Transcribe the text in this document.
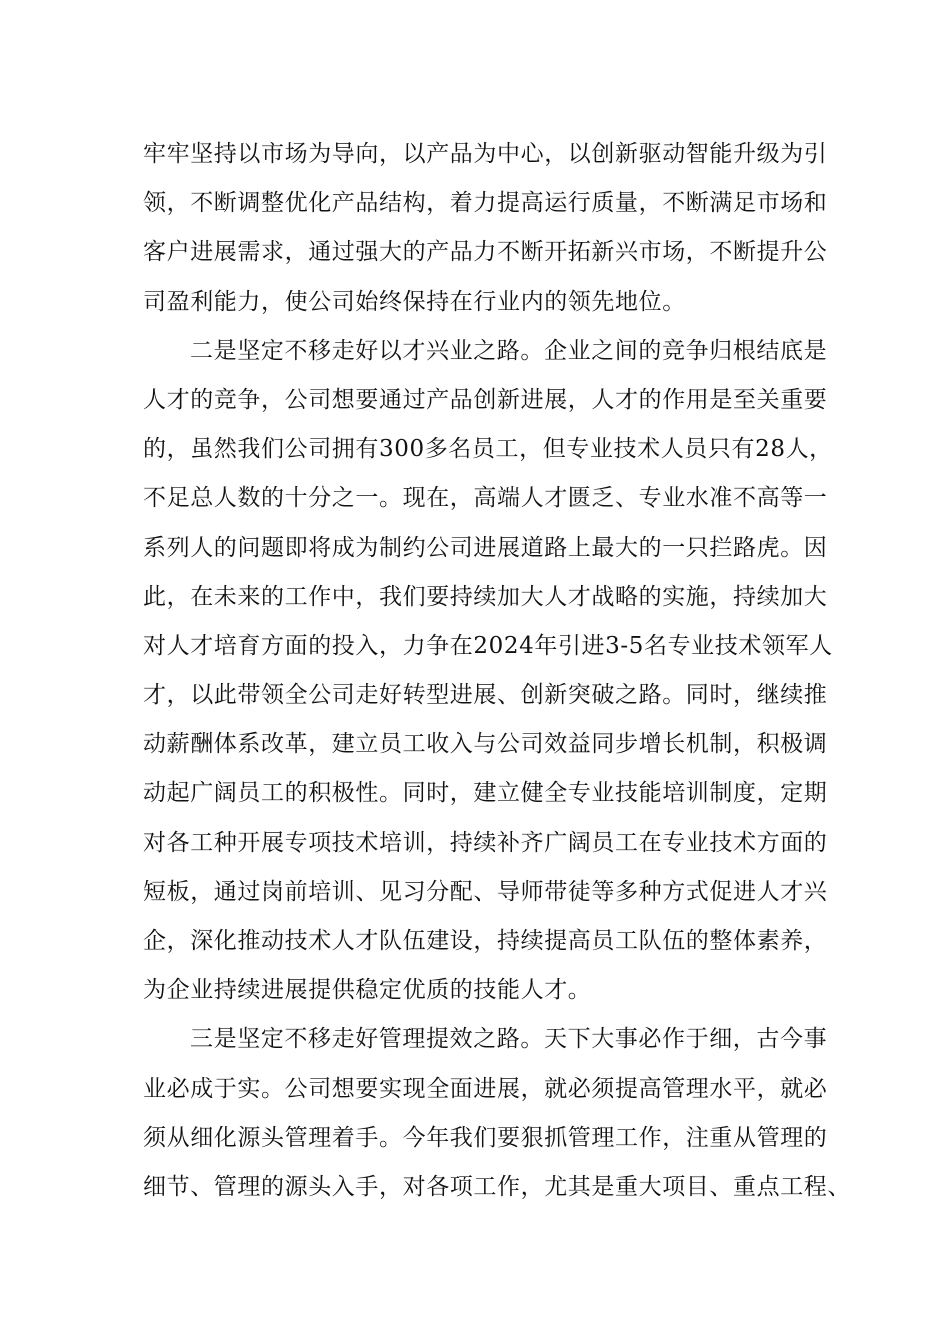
牢牢坚持以市场为导向，以产品为中心，以创新驱动智能升级为引
领，不断调整优化产品结构，着力提高运行质量，不断满足市场和
客户进展需求，通过强大的产品力不断开拓新兴市场，不断提升公
司盈利能力，使公司始终保持在行业内的领先地位。
二是坚定不移走好以才兴业之路。企业之间的竞争归根结底是
人才的竞争，公司想要通过产品创新进展，人才的作用是至关重要
的，虽然我们公司拥有300多名员工，但专业技术人员只有28人，
不足总人数的十分之一。现在，高端人才匮乏、专业水准不高等一
系列人的问题即将成为制约公司进展道路上最大的一只拦路虎。因
此，在未来的工作中，我们要持续加大人才战略的实施，持续加大
对人才培育方面的投入，力争在2024年引进3-5名专业技术领军人
才，以此带领全公司走好转型进展、创新突破之路。同时，继续推
动薪酬体系改革，建立员工收入与公司效益同步增长机制，积极调
动起广阔员工的积极性。同时，建立健全专业技能培训制度，定期
对各工种开展专项技术培训，持续补齐广阔员工在专业技术方面的
短板，通过岗前培训、见习分配、导师带徒等多种方式促进人才兴
企，深化推动技术人才队伍建设，持续提高员工队伍的整体素养，
为企业持续进展提供稳定优质的技能人才。
三是坚定不移走好管理提效之路。天下大事必作于细，古今事
业必成于实。公司想要实现全面进展，就必须提高管理水平，就必
须从细化源头管理着手。今年我们要狠抓管理工作，注重从管理的
细节、管理的源头入手，对各项工作，尤其是重大项目、重点工程、
